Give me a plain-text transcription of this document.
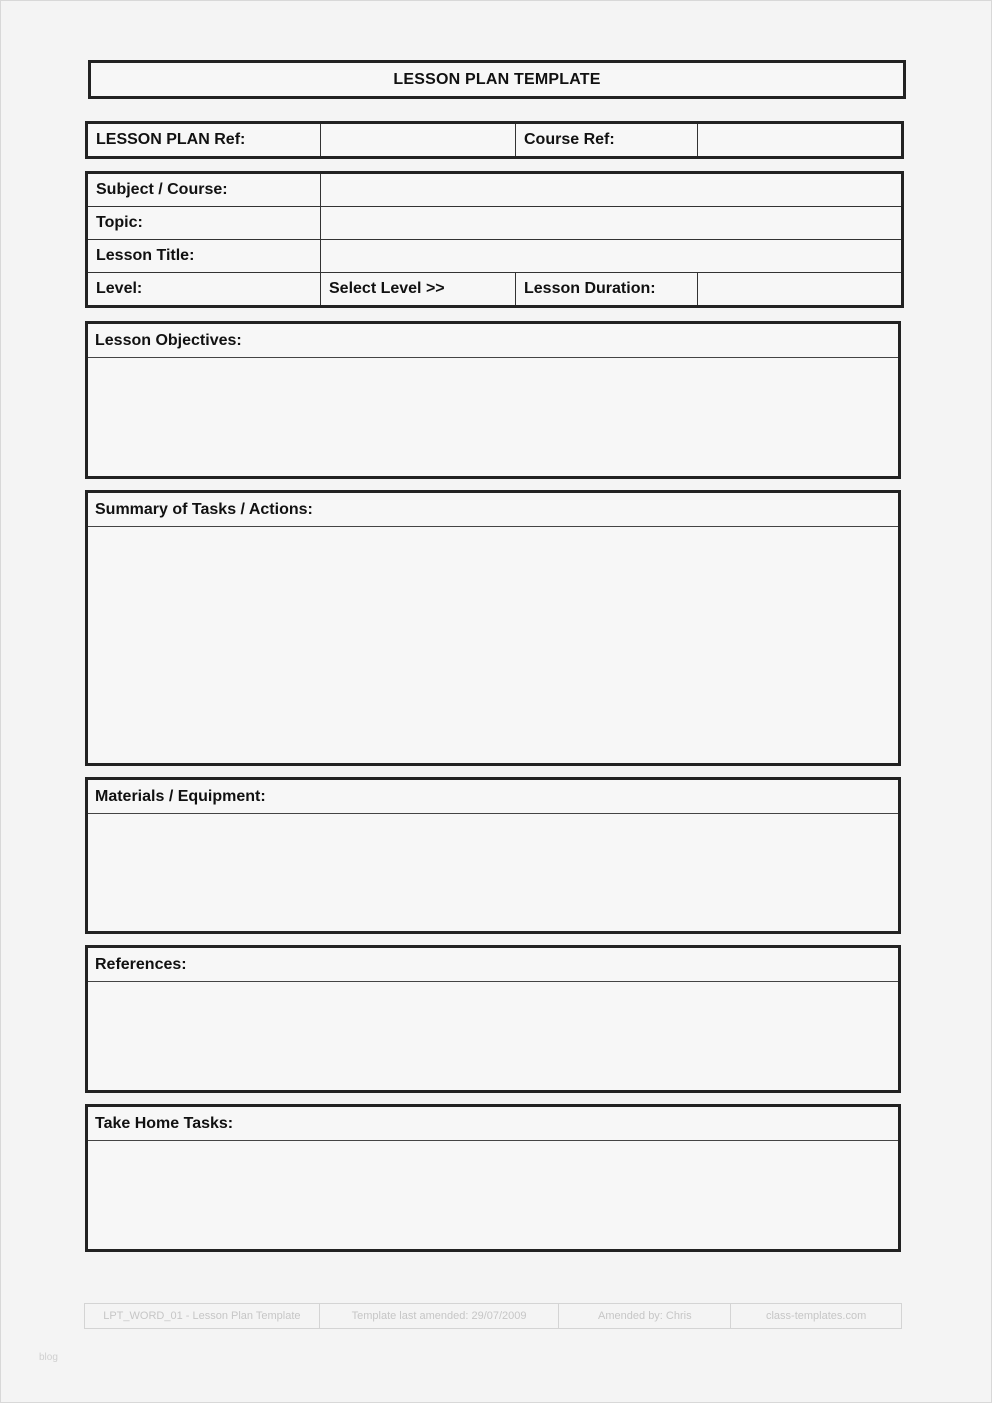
LESSON PLAN TEMPLATE
LESSON PLAN Ref:		Course Ref:	
Subject / Course:			
Topic:			
Lesson Title:			
Level:	Select Level >>	Lesson Duration:	
Lesson Objectives:
Summary of Tasks / Actions:
Materials / Equipment:
References:
Take Home Tasks:
LPT_WORD_01 - Lesson Plan Template	Template last amended: 29/07/2009	Amended by: Chris	class-templates.com
blog
